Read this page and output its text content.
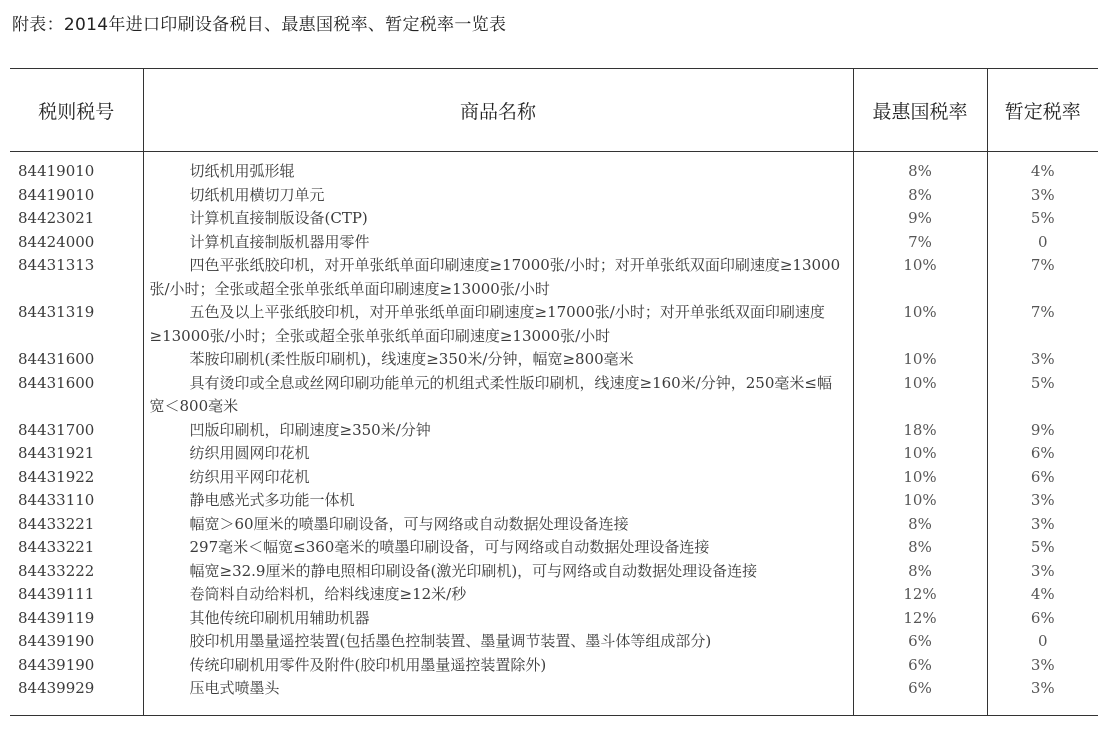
附表：2014年进口印刷设备税目、最惠国税率、暂定税率一览表
税则税号	商品名称	最惠国税率	暂定税率
84419010	切纸机用弧形辊	8%	4%
84419010	切纸机用横切刀单元	8%	3%
84423021	计算机直接制版设备(CTP)	9%	5%
84424000	计算机直接制版机器用零件	7%	0
84431313	四色平张纸胶印机，对开单张纸单面印刷速度≥17000张/小时；对开单张纸双面印刷速度≥13000张/小时；全张或超全张单张纸单面印刷速度≥13000张/小时	10%	7%
84431319	五色及以上平张纸胶印机，对开单张纸单面印刷速度≥17000张/小时；对开单张纸双面印刷速度≥13000张/小时；全张或超全张单张纸单面印刷速度≥13000张/小时	10%	7%
84431600	苯胺印刷机(柔性版印刷机)，线速度≥350米/分钟，幅宽≥800毫米	10%	3%
84431600	具有烫印或全息或丝网印刷功能单元的机组式柔性版印刷机，线速度≥160米/分钟，250毫米≤幅宽＜800毫米	10%	5%
84431700	凹版印刷机，印刷速度≥350米/分钟	18%	9%
84431921	纺织用圆网印花机	10%	6%
84431922	纺织用平网印花机	10%	6%
84433110	静电感光式多功能一体机	10%	3%
84433221	幅宽＞60厘米的喷墨印刷设备，可与网络或自动数据处理设备连接	8%	3%
84433221	297毫米＜幅宽≤360毫米的喷墨印刷设备，可与网络或自动数据处理设备连接	8%	5%
84433222	幅宽≥32.9厘米的静电照相印刷设备(激光印刷机)，可与网络或自动数据处理设备连接	8%	3%
84439111	卷筒料自动给料机，给料线速度≥12米/秒	12%	4%
84439119	其他传统印刷机用辅助机器	12%	6%
84439190	胶印机用墨量遥控装置(包括墨色控制装置、墨量调节装置、墨斗体等组成部分)	6%	0
84439190	传统印刷机用零件及附件(胶印机用墨量遥控装置除外)	6%	3%
84439929	压电式喷墨头	6%	3%
